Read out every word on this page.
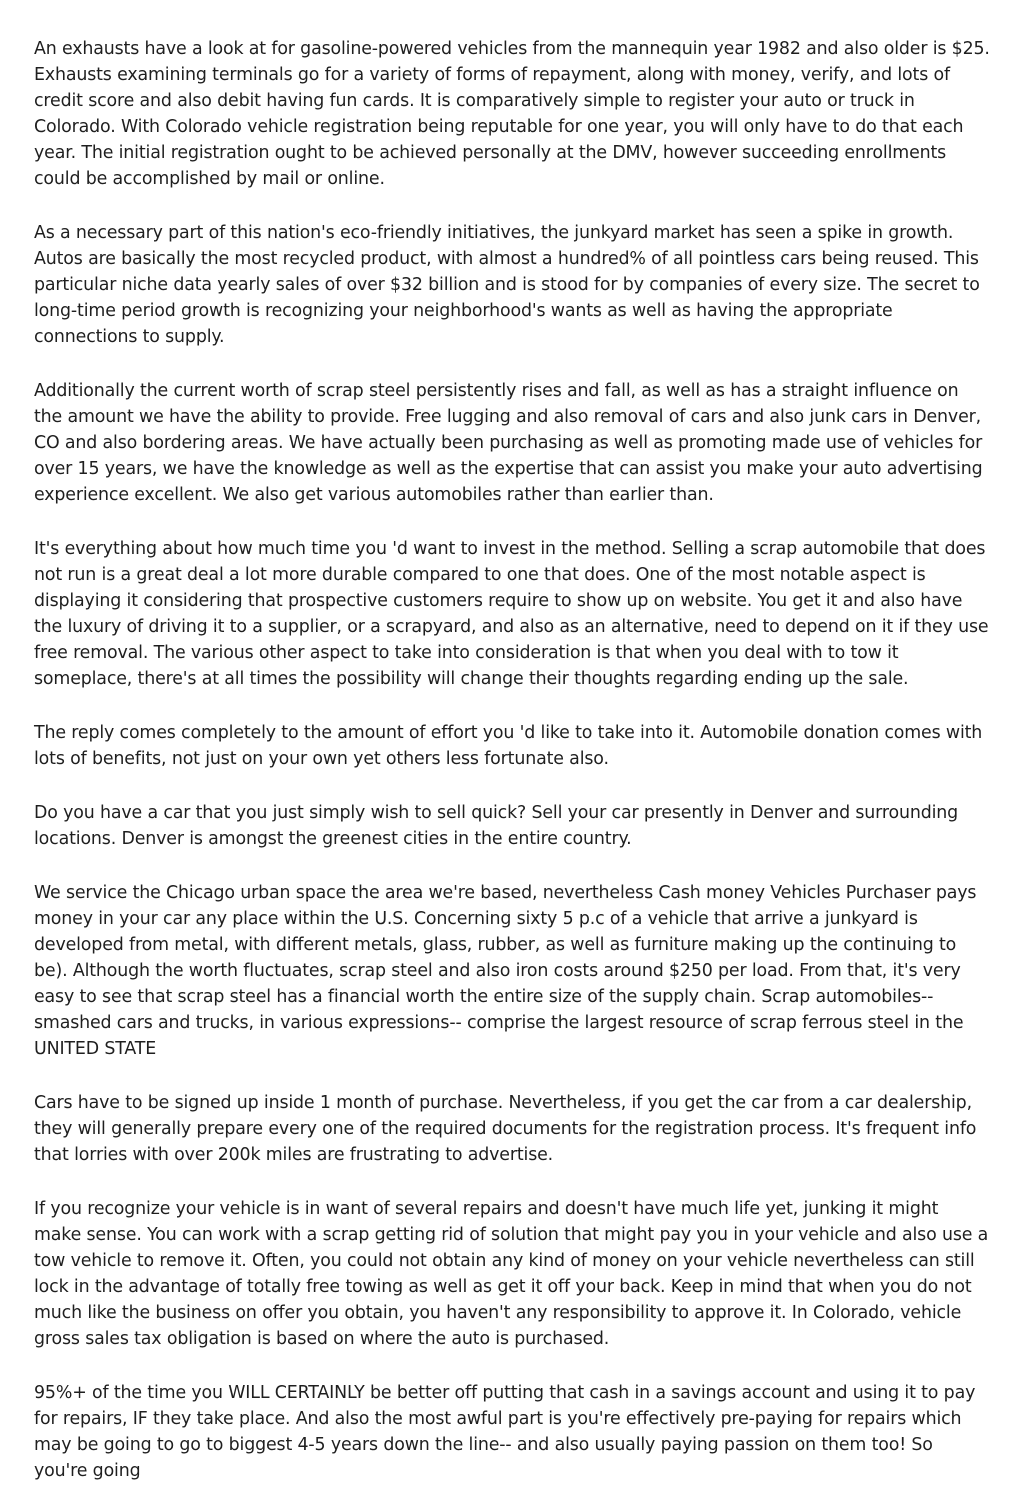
An exhausts have a look at for gasoline-powered vehicles from the mannequin year 1982 and also older is $25. Exhausts examining terminals go for a variety of forms of repayment, along with money, verify, and lots of credit score and also debit having fun cards. It is comparatively simple to register your auto or truck in Colorado. With Colorado vehicle registration being reputable for one year, you will only have to do that each year. The initial registration ought to be achieved personally at the DMV, however succeeding enrollments could be accomplished by mail or online.

As a necessary part of this nation's eco-friendly initiatives, the junkyard market has seen a spike in growth. Autos are basically the most recycled product, with almost a hundred% of all pointless cars being reused. This particular niche data yearly sales of over $32 billion and is stood for by companies of every size. The secret to long-time period growth is recognizing your neighborhood's wants as well as having the appropriate connections to supply.

Additionally the current worth of scrap steel persistently rises and fall, as well as has a straight influence on the amount we have the ability to provide. Free lugging and also removal of cars and also junk cars in Denver, CO and also bordering areas. We have actually been purchasing as well as promoting made use of vehicles for over 15 years, we have the knowledge as well as the expertise that can assist you make your auto advertising experience excellent. We also get various automobiles rather than earlier than.

It's everything about how much time you 'd want to invest in the method. Selling a scrap automobile that does not run is a great deal a lot more durable compared to one that does. One of the most notable aspect is displaying it considering that prospective customers require to show up on website. You get it and also have the luxury of driving it to a supplier, or a scrapyard, and also as an alternative, need to depend on it if they use free removal. The various other aspect to take into consideration is that when you deal with to tow it someplace, there's at all times the possibility will change their thoughts regarding ending up the sale.

The reply comes completely to the amount of effort you 'd like to take into it. Automobile donation comes with lots of benefits, not just on your own yet others less fortunate also.

Do you have a car that you just simply wish to sell quick? Sell your car presently in Denver and surrounding locations. Denver is amongst the greenest cities in the entire country.

We service the Chicago urban space the area we're based, nevertheless Cash money Vehicles Purchaser pays money in your car any place within the U.S. Concerning sixty 5 p.c of a vehicle that arrive a junkyard is developed from metal, with different metals, glass, rubber, as well as furniture making up the continuing to be). Although the worth fluctuates, scrap steel and also iron costs around $250 per load. From that, it's very easy to see that scrap steel has a financial worth the entire size of the supply chain. Scrap automobiles-- smashed cars and trucks, in various expressions-- comprise the largest resource of scrap ferrous steel in the UNITED STATE

Cars have to be signed up inside 1 month of purchase. Nevertheless, if you get the car from a car dealership, they will generally prepare every one of the required documents for the registration process. It's frequent info that lorries with over 200k miles are frustrating to advertise.

If you recognize your vehicle is in want of several repairs and doesn't have much life yet, junking it might make sense. You can work with a scrap getting rid of solution that might pay you in your vehicle and also use a tow vehicle to remove it. Often, you could not obtain any kind of money on your vehicle nevertheless can still lock in the advantage of totally free towing as well as get it off your back. Keep in mind that when you do not much like the business on offer you obtain, you haven't any responsibility to approve it. In Colorado, vehicle gross sales tax obligation is based on where the auto is purchased.

95%+ of the time you WILL CERTAINLY be better off putting that cash in a savings account and using it to pay for repairs, IF they take place. And also the most awful part is you're effectively pre-paying for repairs which may be going to go to biggest 4-5 years down the line-- and also usually paying passion on them too! So you're going
